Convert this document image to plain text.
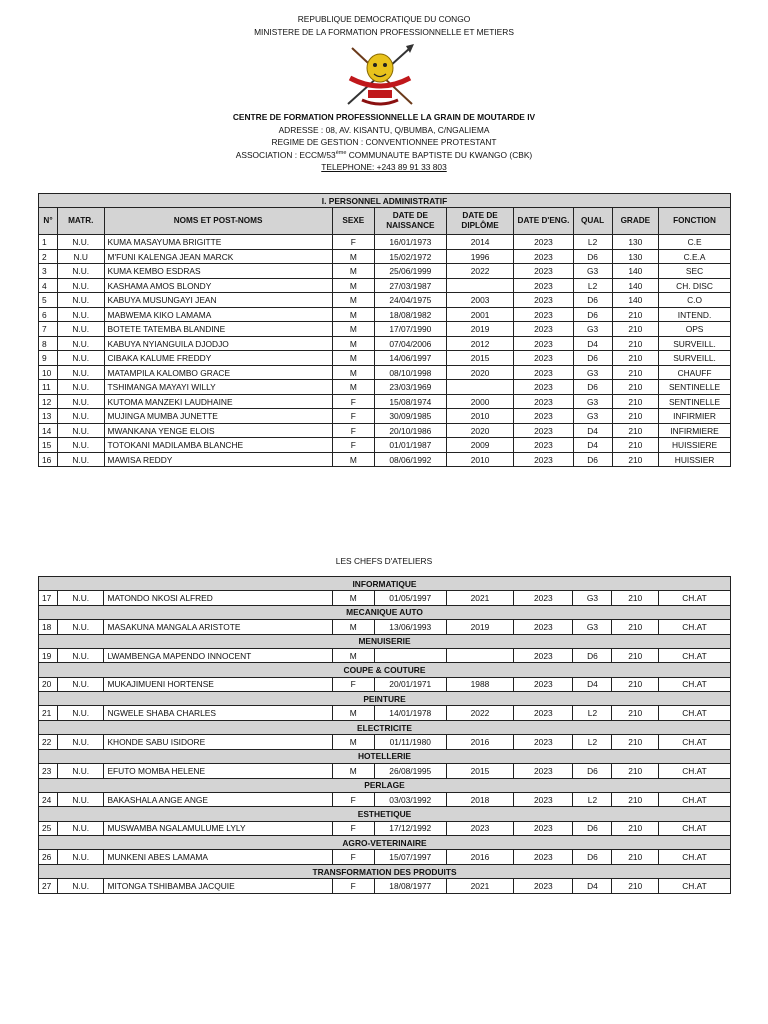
REPUBLIQUE DEMOCRATIQUE DU CONGO
MINISTERE DE LA FORMATION PROFESSIONNELLE ET METIERS
CENTRE DE FORMATION PROFESSIONNELLE LA GRAIN DE MOUTARDE IV
ADRESSE : 08, AV. KISANTU, Q/BUMBA, C/NGALIEMA
REGIME DE GESTION : CONVENTIONNEE PROTESTANT
ASSOCIATION : ECCM/53ème COMMUNAUTE BAPTISTE DU KWANGO (CBK)
TELEPHONE: +243 89 91 33 803
I. PERSONNEL ADMINISTRATIF									
N°	MATR.	NOMS ET POST-NOMS	SEXE	DATE DE NAISSANCE	DATE DE DIPLÔME	DATE D'ENG.	QUAL	GRADE	FONCTION
1	N.U.	KUMA MASAYUMA BRIGITTE	F	16/01/1973	2014	2023	L2	130	C.E
2	N.U	M'FUNI KALENGA JEAN MARCK	M	15/02/1972	1996	2023	D6	130	C.E.A
3	N.U.	KUMA KEMBO ESDRAS	M	25/06/1999	2022	2023	G3	140	SEC
4	N.U.	KASHAMA AMOS BLONDY	M	27/03/1987		2023	L2	140	CH. DISC
5	N.U.	KABUYA MUSUNGAYI JEAN	M	24/04/1975	2003	2023	D6	140	C.O
6	N.U.	MABWEMA KIKO LAMAMA	M	18/08/1982	2001	2023	D6	210	INTEND.
7	N.U.	BOTETE TATEMBA BLANDINE	M	17/07/1990	2019	2023	G3	210	OPS
8	N.U.	KABUYA NYIANGUILA DJODJO	M	07/04/2006	2012	2023	D4	210	SURVEILL.
9	N.U.	CIBAKA KALUME FREDDY	M	14/06/1997	2015	2023	D6	210	SURVEILL.
10	N.U.	MATAMPILA KALOMBO GRACE	M	08/10/1998	2020	2023	G3	210	CHAUFF
11	N.U.	TSHIMANGA MAYAYI WILLY	M	23/03/1969		2023	D6	210	SENTINELLE
12	N.U.	KUTOMA MANZEKI LAUDHAINE	F	15/08/1974	2000	2023	G3	210	SENTINELLE
13	N.U.	MUJINGA MUMBA JUNETTE	F	30/09/1985	2010	2023	G3	210	INFIRMIER
14	N.U.	MWANKANA YENGE ELOIS	F	20/10/1986	2020	2023	D4	210	INFIRMIERE
15	N.U.	TOTOKANI MADILAMBA BLANCHE	F	01/01/1987	2009	2023	D4	210	HUISSIERE
16	N.U.	MAWISA REDDY	M	08/06/1992	2010	2023	D6	210	HUISSIER
LES CHEFS D'ATELIERS
INFORMATIQUE									
17	N.U.	MATONDO NKOSI ALFRED	M	01/05/1997	2021	2023	G3	210	CH.AT
MECANIQUE AUTO									
18	N.U.	MASAKUNA MANGALA ARISTOTE	M	13/06/1993	2019	2023	G3	210	CH.AT
MENUISERIE									
19	N.U.	LWAMBENGA MAPENDO INNOCENT	M			2023	D6	210	CH.AT
COUPE & COUTURE									
20	N.U.	MUKAJIMUENI HORTENSE	F	20/01/1971	1988	2023	D4	210	CH.AT
PEINTURE									
21	N.U.	NGWELE SHABA CHARLES	M	14/01/1978	2022	2023	L2	210	CH.AT
ELECTRICITE									
22	N.U.	KHONDE SABU ISIDORE	M	01/11/1980	2016	2023	L2	210	CH.AT
HOTELLERIE									
23	N.U.	EFUTO MOMBA HELENE	M	26/08/1995	2015	2023	D6	210	CH.AT
PERLAGE									
24	N.U.	BAKASHALA ANGE ANGE	F	03/03/1992	2018	2023	L2	210	CH.AT
ESTHETIQUE									
25	N.U.	MUSWAMBA NGALAMULUME LYLY	F	17/12/1992	2023	2023	D6	210	CH.AT
AGRO-VETERINAIRE									
26	N.U.	MUNKENI ABES LAMAMA	F	15/07/1997	2016	2023	D6	210	CH.AT
TRANSFORMATION DES PRODUITS									
27	N.U.	MITONGA TSHIBAMBA JACQUIE	F	18/08/1977	2021	2023	D4	210	CH.AT
